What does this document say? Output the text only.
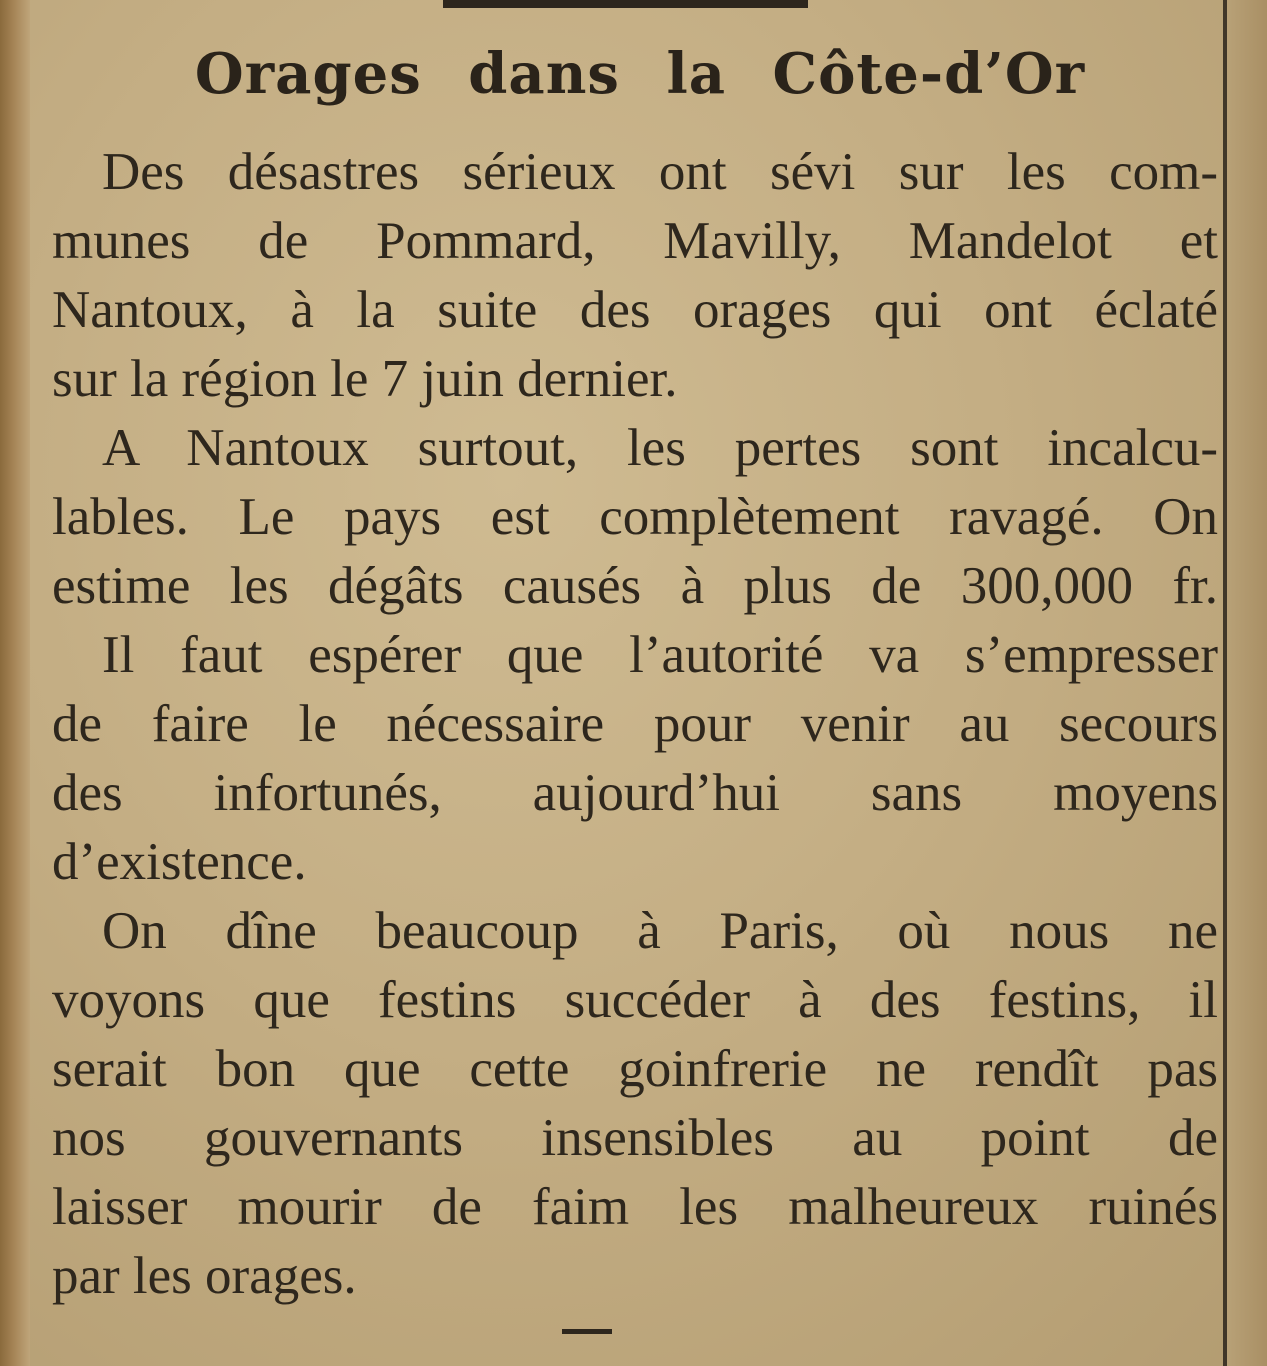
Orages dans la Côte-d’Or
Des désastres sérieux ont sévi sur les com-
munes de Pommard, Mavilly, Mandelot et
Nantoux, à la suite des orages qui ont éclaté
sur la région le 7 juin dernier.
A Nantoux surtout, les pertes sont incalcu-
lables. Le pays est complètement ravagé. On
estime les dégâts causés à plus de 300,000 fr.
Il faut espérer que l’autorité va s’empresser
de faire le nécessaire pour venir au secours
des infortunés, aujourd’hui sans moyens
d’existence.
On dîne beaucoup à Paris, où nous ne
voyons que festins succéder à des festins, il
serait bon que cette goinfrerie ne rendît pas
nos gouvernants insensibles au point de
laisser mourir de faim les malheureux ruinés
par les orages.
